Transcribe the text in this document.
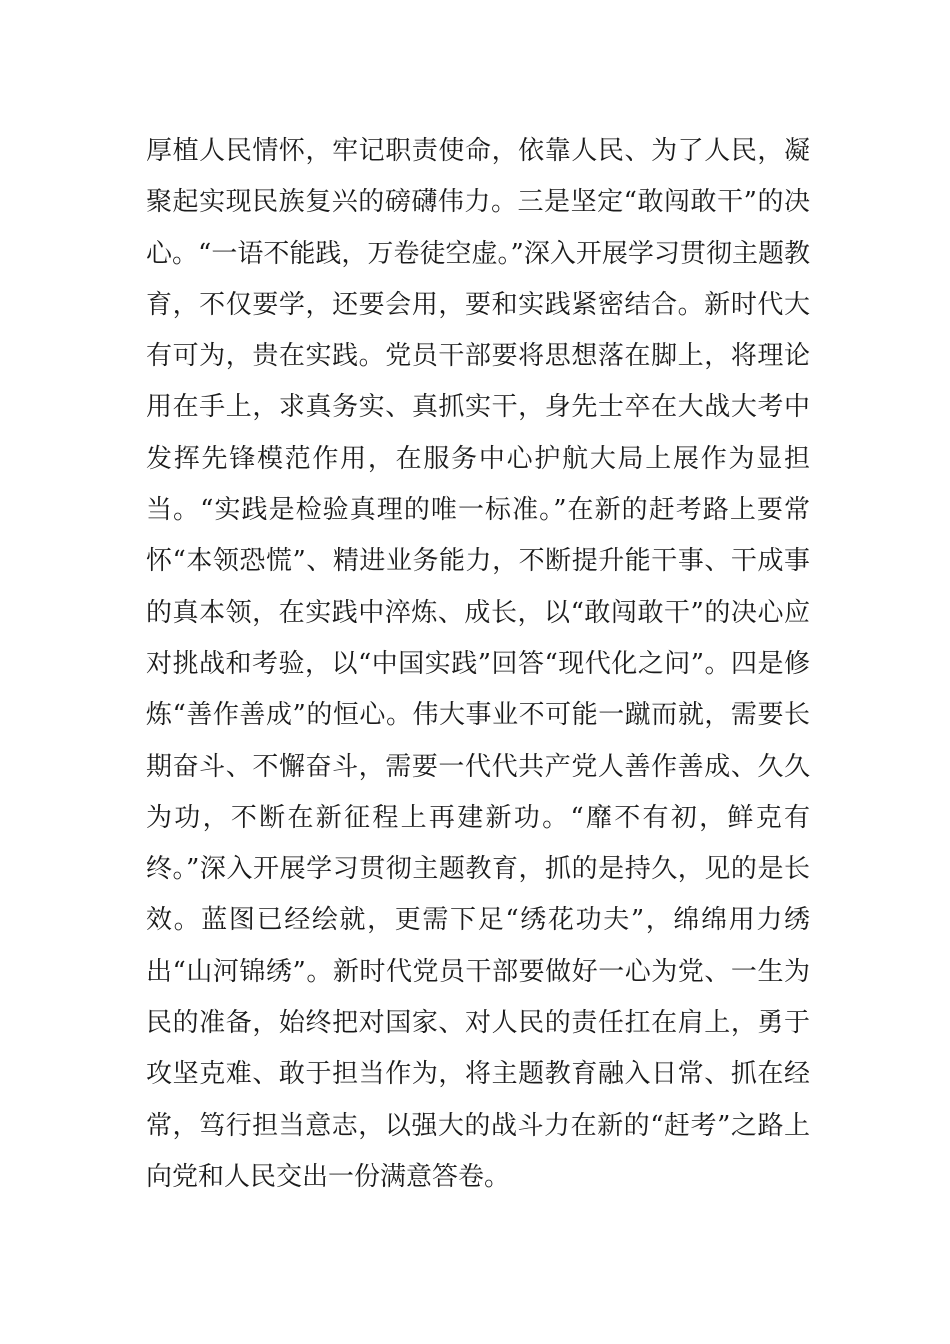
厚植人民情怀，牢记职责使命，依靠人民、为了人民，凝聚起实现民族复兴的磅礴伟力。三是坚定“敢闯敢干”的决心。“一语不能践，万卷徒空虚。”深入开展学习贯彻主题教育，不仅要学，还要会用，要和实践紧密结合。新时代大有可为，贵在实践。党员干部要将思想落在脚上，将理论用在手上，求真务实、真抓实干，身先士卒在大战大考中发挥先锋模范作用，在服务中心护航大局上展作为显担当。“实践是检验真理的唯一标准。”在新的赶考路上要常怀“本领恐慌”、精进业务能力，不断提升能干事、干成事的真本领，在实践中淬炼、成长，以“敢闯敢干”的决心应对挑战和考验，以“中国实践”回答“现代化之问”。四是修炼“善作善成”的恒心。伟大事业不可能一蹴而就，需要长期奋斗、不懈奋斗，需要一代代共产党人善作善成、久久为功，不断在新征程上再建新功。“靡不有初，鲜克有终。”深入开展学习贯彻主题教育，抓的是持久，见的是长效。蓝图已经绘就，更需下足“绣花功夫”，绵绵用力绣出“山河锦绣”。新时代党员干部要做好一心为党、一生为民的准备，始终把对国家、对人民的责任扛在肩上，勇于攻坚克难、敢于担当作为，将主题教育融入日常、抓在经常，笃行担当意志，以强大的战斗力在新的“赶考”之路上向党和人民交出一份满意答卷。
